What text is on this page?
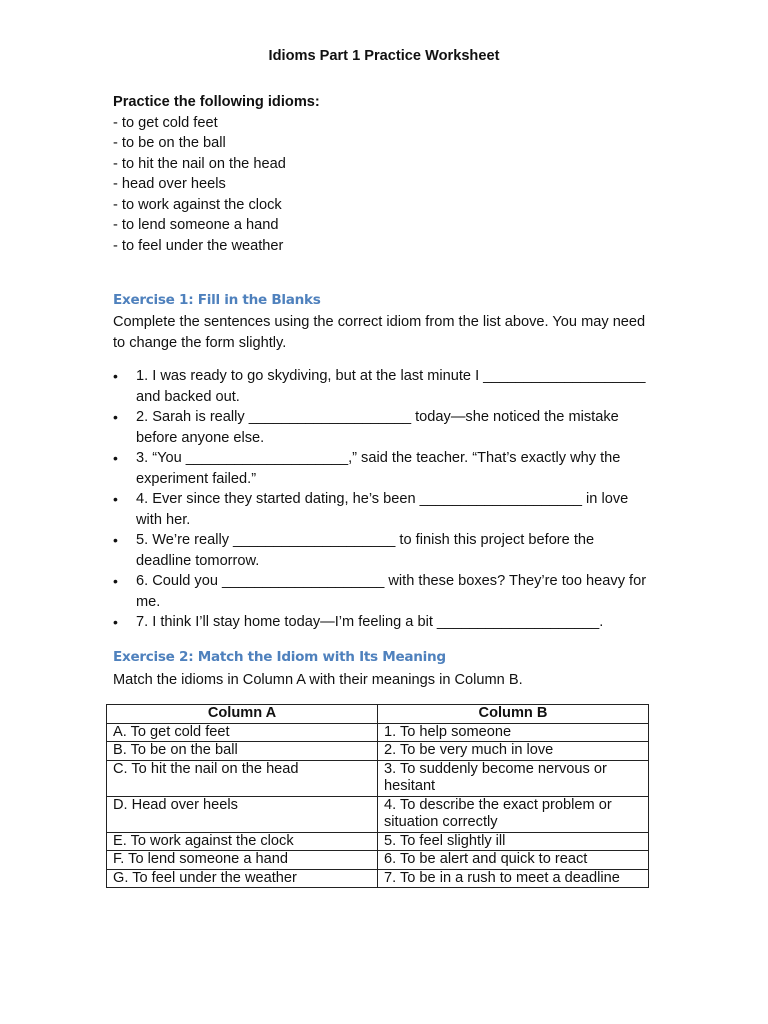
Idioms Part 1 Practice Worksheet
Practice the following idioms:
- to get cold feet
- to be on the ball
- to hit the nail on the head
- head over heels
- to work against the clock
- to lend someone a hand
- to feel under the weather
Exercise 1: Fill in the Blanks
Complete the sentences using the correct idiom from the list above. You may need to change the form slightly.
• 1. I was ready to go skydiving, but at the last minute I ____________________ and backed out.
• 2. Sarah is really ____________________ today—she noticed the mistake before anyone else.
• 3. “You ____________________,” said the teacher. “That’s exactly why the experiment failed.”
• 4. Ever since they started dating, he’s been ____________________ in love with her.
• 5. We’re really ____________________ to finish this project before the deadline tomorrow.
• 6. Could you ____________________ with these boxes? They’re too heavy for me.
• 7. I think I’ll stay home today—I’m feeling a bit ____________________.
Exercise 2: Match the Idiom with Its Meaning
Match the idioms in Column A with their meanings in Column B.
Column A	Column B
A. To get cold feet	1. To help someone
B. To be on the ball	2. To be very much in love
C. To hit the nail on the head	3. To suddenly become nervous or hesitant
D. Head over heels	4. To describe the exact problem or situation correctly
E. To work against the clock	5. To feel slightly ill
F. To lend someone a hand	6. To be alert and quick to react
G. To feel under the weather	7. To be in a rush to meet a deadline
